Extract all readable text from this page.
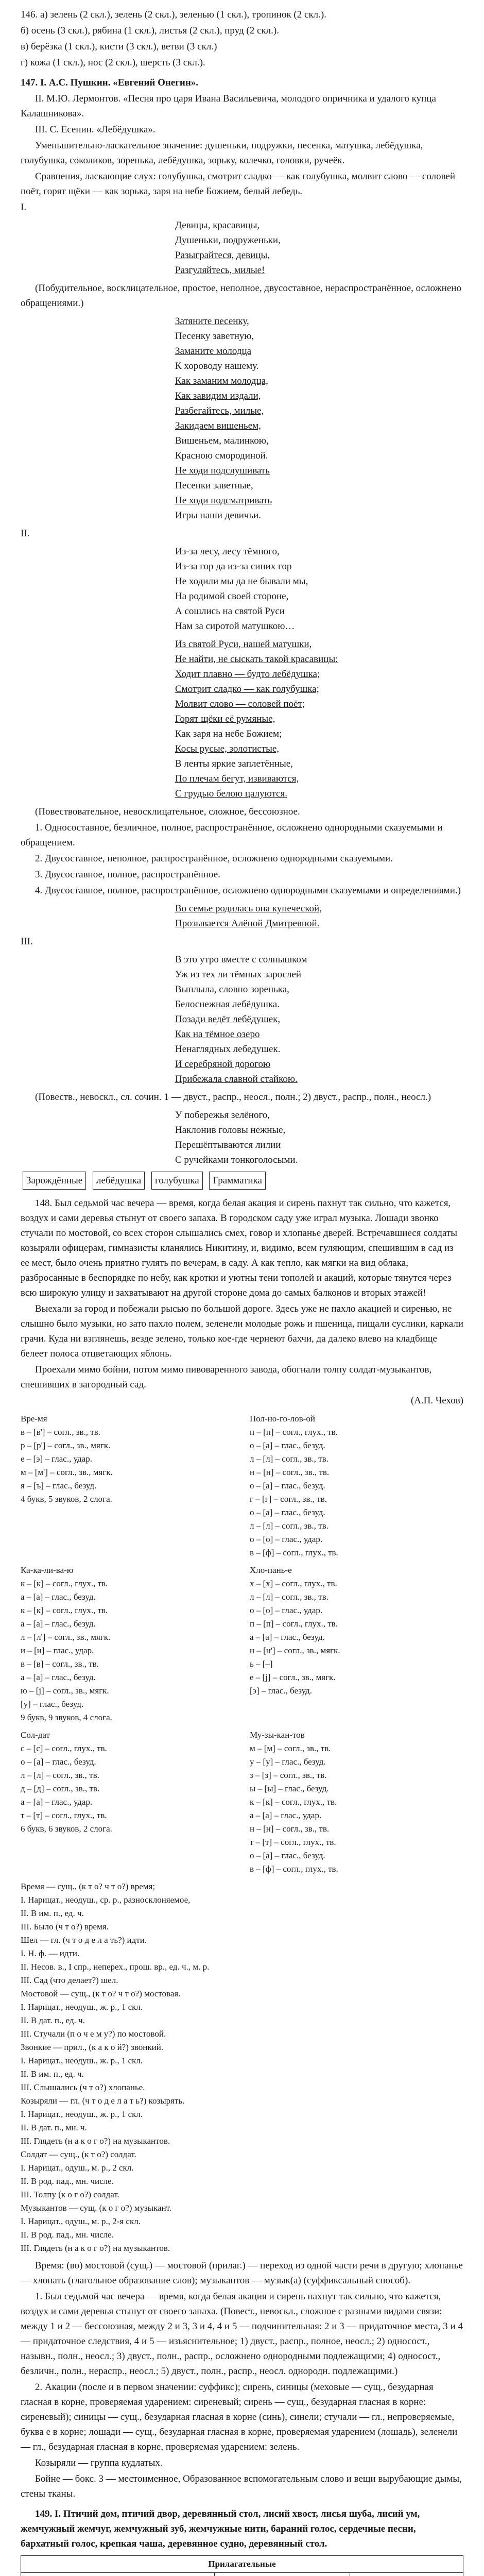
146. а) зелень (2 скл.), зелень (2 скл.), зеленью (1 скл.), тропинок (2 скл.).

б) осень (3 скл.), рябина (1 скл.), листья (2 скл.), пруд (2 скл.).

в) берёзка (1 скл.), кисти (3 скл.), ветви (3 скл.)

г) кожа (1 скл.), нос (2 скл.), шерсть (3 скл.).

147. I. А.С. Пушкин. «Евгений Онегин».

II. М.Ю. Лермонтов. «Песня про царя Ивана Васильевича, молодого опричника и удалого купца Калашникова».

III. С. Есенин. «Лебёдушка».

Уменьшительно-ласкательное значение: душеньки, подружки, песенка, матушка, лебёдушка, голубушка, соколиков, зоренька, лебёдушка, зорьку, колечко, головки, ручеёк.

Сравнения, ласкающие слух: голубушка, смотрит сладко — как голубушка, молвит слово — соловей поёт, горят щёки — как зорька, заря на небе Божием, белый лебедь.

I.

Девицы, красавицы,
Душеньки, подруженьки,
Разыграйтеся, девицы,
Разгуляйтесь, милые!

(Побудительное, восклицательное, простое, неполное, двусоставное, нераспространённое, осложнено обращениями.)

Затяните песенку,
Песенку заветную,
Заманите молодца
К хороводу нашему.
Как заманим молодца,
Как завидим издали,
Разбегайтесь, милые,
Закидаем вишеньем,
Вишеньем, малинкою,
Красною смородиной.
Не ходи подслушивать
Песенки заветные,
Не ходи подсматривать
Игры наши девичьи.

II.

Из-за лесу, лесу тёмного,
Из-за гор да из-за синих гор
Не ходили мы да не бывали мы,
На родимой своей стороне,
А сошлись на святой Руси
Нам за сиротой матушкою…
Из святой Руси, нашей матушки,
Не найти, не сыскать такой красавицы:
Ходит плавно — будто лебёдушка;
Смотрит сладко — как голубушка;
Молвит слово — соловей поёт;
Горят щёки её румяные,
Как заря на небе Божием;
Косы русые, золотистые,
В ленты яркие заплетённые,
По плечам бегут, извиваются,
С грудью белою цалуются.

(Повествовательное, невосклицательное, сложное, бессоюзное.

1. Односоставное, безличное, полное, распространённое, осложнено однородными сказуемыми и обращением.

2. Двусоставное, неполное, распространённое, осложнено однородными сказуемыми.

3. Двусоставное, полное, распространённое.

4. Двусоставное, полное, распространённое, осложнено однородными сказуемыми и определениями.)

Во семье родилась она купеческой,
Прозывается Алёной Дмитревной.

III.

В это утро вместе с солнышком
Уж из тех ли тёмных зарослей
Выплыла, словно зоренька,
Белоснежная лебёдушка.
Позади ведёт лебёдушек,
Как на тёмное озеро
Ненаглядных лебедушек.
И серебряной дорогою
Прибежала славной стайкою.

(Повеств., невоскл., сл. сочин. 1 — двуст., распр., неосл., полн.; 2) двуст., распр., полн., неосл.)

У побережья зелёного,
Наклонив головы нежные,
Перешёптываются лилии
С ручейками тонкоголосыми.
Зарождённые лебёдушка голубушка Грамматика

148. Был седьмой час вечера — время, когда белая акация и сирень пахнут так сильно, что кажется, воздух и сами деревья стынут от своего запаха. В городском саду уже играл музыка. Лошади звонко стучали по мостовой, со всех сторон слышались смех, говор и хлопанье дверей. Встречавшиеся солдаты козыряли офицерам, гимназисты кланялись Никитину, и, видимо, всем гуляющим, спешившим в сад из ее мест, было очень приятно гулять по вечерам, в саду. А как тепло, как мягки на вид облака, разбросанные в беспорядке по небу, как кротки и уютны тени тополей и акаций, которые тянутся через всю широкую улицу и захватывают на другой стороне дома до самых балконов и вторых этажей!

Выехали за город и побежали рысью по большой дороге. Здесь уже не пахло акацией и сиренью, не слышно было музыки, но зато пахло полем, зеленели молодые рожь и пшеница, пищали суслики, каркали грачи. Куда ни взглянешь, везде зелено, только кое-где чернеют бахчи, да далеко влево на кладбище белеет полоса отцветающих яблонь.

Проехали мимо бойни, потом мимо пивоваренного завода, обогнали толпу солдат-музыкантов, спешивших в загородный сад.

(А.П. Чехов)

Вре-мя
в – [в'] – согл., зв., тв.
р – [р'] – согл., зв., мягк.
е – [э] – глас., удар.
м – [м'] – согл., зв., мягк.
я – [ъ] – глас., безуд.
4 букв, 5 звуков, 2 слога.
Пол-но-го-лов-ой
п – [п] – согл., глух., тв.
о – [а] – глас., безуд.
л – [л] – согл., зв., тв.
н – [н] – согл., зв., тв.
о – [а] – глас., безуд.
г – [г] – согл., зв., тв.
о – [а] – глас., безуд.
л – [л] – согл., зв., тв.
о – [о] – глас., удар.
в – [ф] – согл., глух., тв.
Ка-ка-ли-ва-ю
к – [к] – согл., глух., тв.
а – [а] – глас., безуд.
к – [к] – согл., глух., тв.
а – [а] – глас., безуд.
л – [л'] – согл., зв., мягк.
и – [и] – глас., удар.
в – [в] – согл., зв., тв.
а – [а] – глас., безуд.
ю – [j] – согл., зв., мягк.
[у] – глас., безуд.
9 букв, 9 звуков, 4 слога.
Хло-пань-е
х – [х] – согл., глух., тв.
л – [л] – согл., зв., тв.
о – [о] – глас., удар.
п – [п] – согл., глух., тв.
а – [а] – глас., безуд.
н – [н'] – согл., зв., мягк.
ь – [–]
е – [j] – согл., зв., мягк.
[э] – глас., безуд.
Сол-дат
с – [с] – согл., глух., тв.
о – [а] – глас., безуд.
л – [л] – согл., зв., тв.
д – [д] – согл., зв., тв.
а – [а] – глас., удар.
т – [т] – согл., глух., тв.
6 букв, 6 звуков, 2 слога.
Му-зы-кан-тов
м – [м] – согл., зв., тв.
у – [у] – глас., безуд.
з – [з] – согл., зв., тв.
ы – [ы] – глас., безуд.
к – [к] – согл., глух., тв.
а – [а] – глас., удар.
н – [н] – согл., зв., тв.
т – [т] – согл., глух., тв.
о – [а] – глас., безуд.
в – [ф] – согл., глух., тв.
Время — сущ., (к т о? ч т о?) время;
I. Нарицат., неодуш., ср. р., разносклоняемое,
II. В им. п., ед. ч.
III. Было (ч т о?) время.
Шел — гл. (ч т о д е л а ть?) идти.
I. Н. ф. — идти.
II. Несов. в., I спр., неперех., прош. вр., ед. ч., м. р.
III. Сад (что делает?) шел.
Мостовой — сущ., (к т о? ч т о?) мостовая.
I. Нарицат., неодуш., ж. р., 1 скл.
II. В дат. п., ед. ч.
III. Стучали (п о ч е м у?) по мостовой.
Звонкие — прил., (к а к о й?) звонкий.
I. Нарицат., неодуш., ж. р., 1 скл.
II. В им. п., ед. ч.
III. Слышались (ч т о?) хлопанье.
Козыряли — гл. (ч т о д е л а т ь?) козырять.
I. Нарицат., неодуш., ж. р., 1 скл.
II. В дат. п., мн. ч.
III. Глядеть (н а к о г о?) на музыкантов.
Солдат — сущ., (к т о?) солдат.
I. Нарицат., одуш., м. р., 2 скл.
II. В род. пад., мн. числе.
III. Толпу (к о г о?) солдат.
Музыкантов — сущ. (к о г о?) музыкант.
I. Нарицат., одуш., м. р., 2-я скл.
II. В род. пад., мн. числе.
III. Глядеть (н а к о г о?) на музыкантов.

Время: (во) мостовой (сущ.) — мостовой (прилаг.) — переход из одной части речи в другую; хлопанье — хлопать (глагольное образование слов); музыкантов — музык(а) (суффиксальный способ).

1. Был седьмой час вечера — время, когда белая акация и сирень пахнут так сильно, что кажется, воздух и сами деревья стынут от своего запаха. (Повест., невоскл., сложное с разными видами связи: между 1 и 2 — бессоюзная, между 2 и 3, 3 и 4, 4 и 5 — подчинительная: 2 и 3 — придаточное места, 3 и 4 — придаточное следствия, 4 и 5 — изъяснительное; 1) двуст., распр., полное, неосл.; 2) односост., назывн., полн., неосл.; 3) двуст., полн., распр., осложнено однородными подлежащими; 4) односост., безличн., полн., нераспр., неосл.; 5) двуст., полн., распр., неосл. однородн. подлежащими.)

2. Акации (после и в первом значении: суффикс); сирень, синицы (меховые — сущ., безударная гласная в корне, проверяемая ударением: сиреневый; сирень — сущ., безударная гласная в корне: сиреневый); синицы — сущ., безударная гласная в корне (синь), синели; стучали — гл., непроверяемые, буква е в корне; лошади — сущ., безударная гласная в корне, проверяемая ударением (лошадь), зеленели — гл., безударная гласная в корне, проверяемая ударением: зелень.

Козыряли — группа кудлатых.

Бойне — бокс. 3 — местоименное, Образованное вспомогательным слово и вещи вырубающие дымы, стены тканы.

149. I. Птичий дом, птичий двор, деревянный стол, лисий хвост, лисья шуба, лисий ум, жемчужный жемчуг, жемчужный зуб, жемчужные нити, бараний голос, сердечные песни, бархатный голос, крепкая чаша, деревянное судно, деревянный стол.

Прилагательные		
